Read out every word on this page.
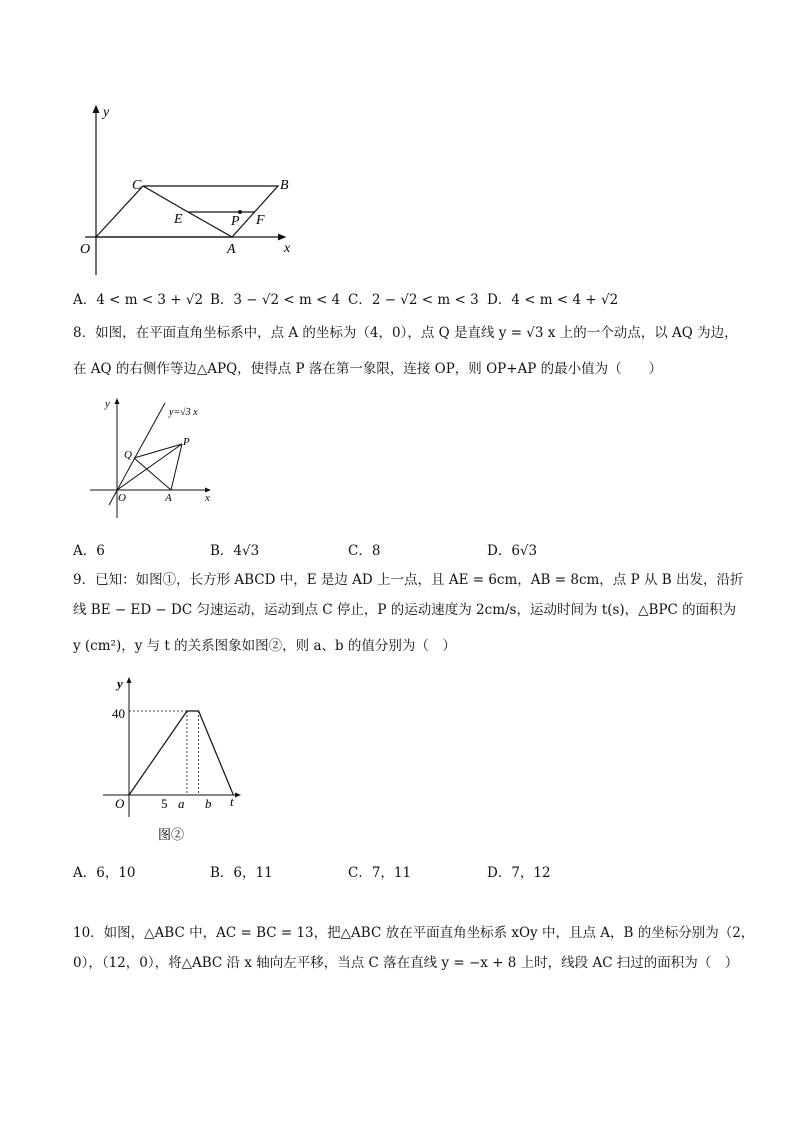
y
x
O
C	B
E	P F
A
A．4 < m < 3 + √2 B．3 − √2 < m < 4 C．2 − √2 < m < 3 D．4 < m < 4 + √2
8．如图，在平面直角坐标系中，点 A 的坐标为（4，0），点 Q 是直线 y = √3 x 上的一个动点，以 AQ 为边，
在 AQ 的右侧作等边△APQ，使得点 P 落在第一象限，连接 OP，则 OP+AP 的最小值为（　　）
y
x
y=√3 x
Q
P
O	A
A．6	B．4√3	C．8	D．6√3
9．已知：如图①，长方形 ABCD 中，E 是边 AD 上一点，且 AE = 6cm，AB = 8cm，点 P 从 B 出发，沿折
线 BE − ED − DC 匀速运动，运动到点 C 停止，P 的运动速度为 2cm/s，运动时间为 t(s)，△BPC 的面积为
y (cm²)，y 与 t 的关系图象如图②，则 a、b 的值分别为（　）
y
t
O
40
5 a b
图②
A．6，10	B．6，11	C．7，11	D．7，12
10．如图，△ABC 中，AC = BC = 13，把△ABC 放在平面直角坐标系 xOy 中，且点 A，B 的坐标分别为（2，
0），（12，0），将△ABC 沿 x 轴向左平移，当点 C 落在直线 y = −x + 8 上时，线段 AC 扫过的面积为（　）
